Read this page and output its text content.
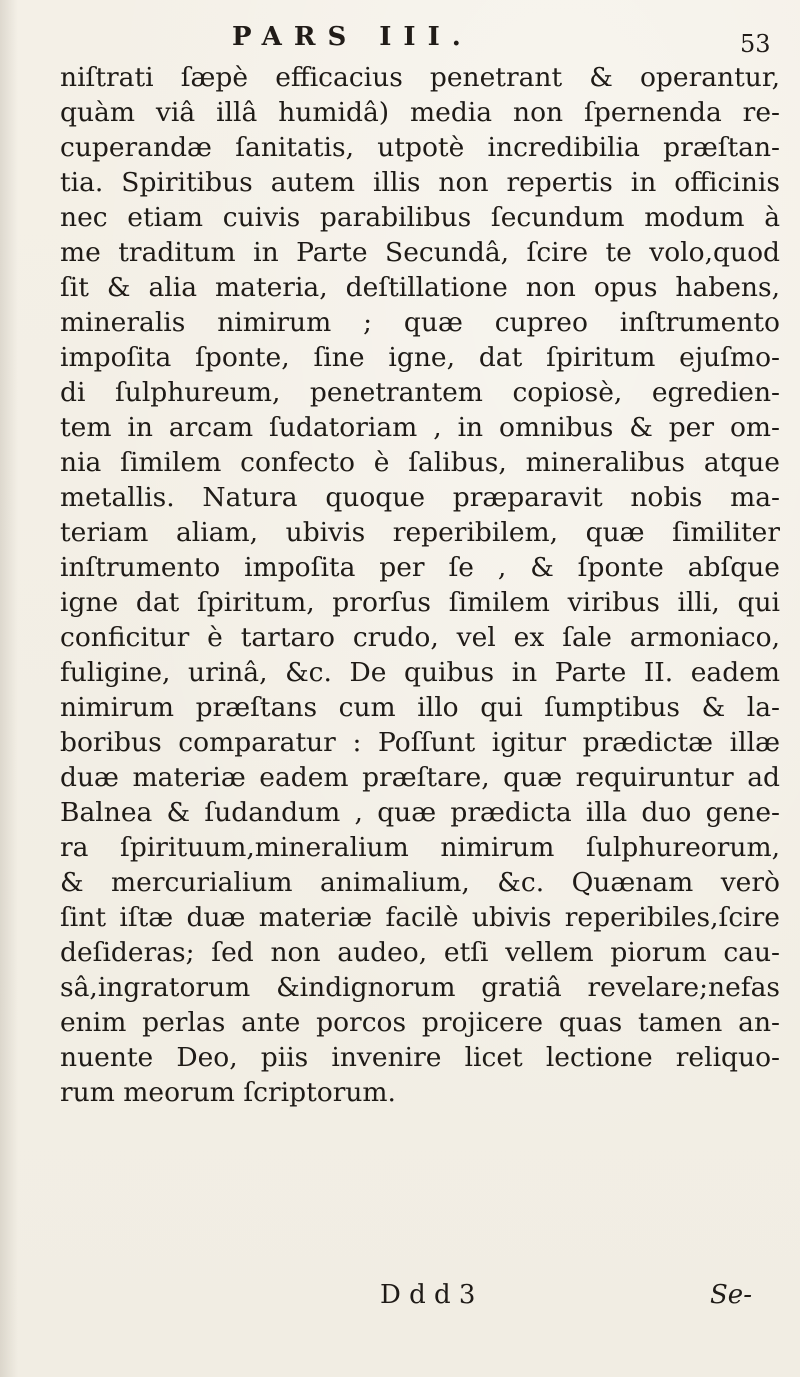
PARS III.	53
niſtrati ſæpè efficacius penetrant & operantur,
quàm viâ illâ humidâ) media non ſpernenda re-
cuperandæ ſanitatis, utpotè incredibilia præſtan-
tia. Spiritibus autem illis non repertis in officinis
nec etiam cuivis parabilibus ſecundum modum à
me traditum in Parte Secundâ, ſcire te volo,quod
ſit & alia materia, deſtillatione non opus habens,
mineralis nimirum ; quæ cupreo inſtrumento
impoſita ſponte, ſine igne, dat ſpiritum ejuſmo-
di ſulphureum, penetrantem copiosè, egredien-
tem in arcam ſudatoriam , in omnibus & per om-
nia ſimilem confecto è ſalibus, mineralibus atque
metallis. Natura quoque præparavit nobis ma-
teriam aliam, ubivis reperibilem, quæ ſimiliter
inſtrumento impoſita per ſe , & ſponte abſque
igne dat ſpiritum, prorſus ſimilem viribus illi, qui
conficitur è tartaro crudo, vel ex ſale armoniaco,
fuligine, urinâ, &c. De quibus in Parte II. eadem
nimirum præſtans cum illo qui ſumptibus & la-
boribus comparatur : Poſſunt igitur prædictæ illæ
duæ materiæ eadem præſtare, quæ requiruntur ad
Balnea & ſudandum , quæ prædicta illa duo gene-
ra ſpirituum,mineralium nimirum ſulphureorum,
& mercurialium animalium, &c. Quænam verò
ſint iſtæ duæ materiæ facilè ubivis reperibiles,ſcire
deſideras; ſed non audeo, etſi vellem piorum cau-
sâ,ingratorum &indignorum gratiâ revelare;nefas
enim perlas ante porcos projicere quas tamen an-
nuente Deo, piis invenire licet lectione reliquo-
rum meorum ſcriptorum.
D d d 3	Se-
